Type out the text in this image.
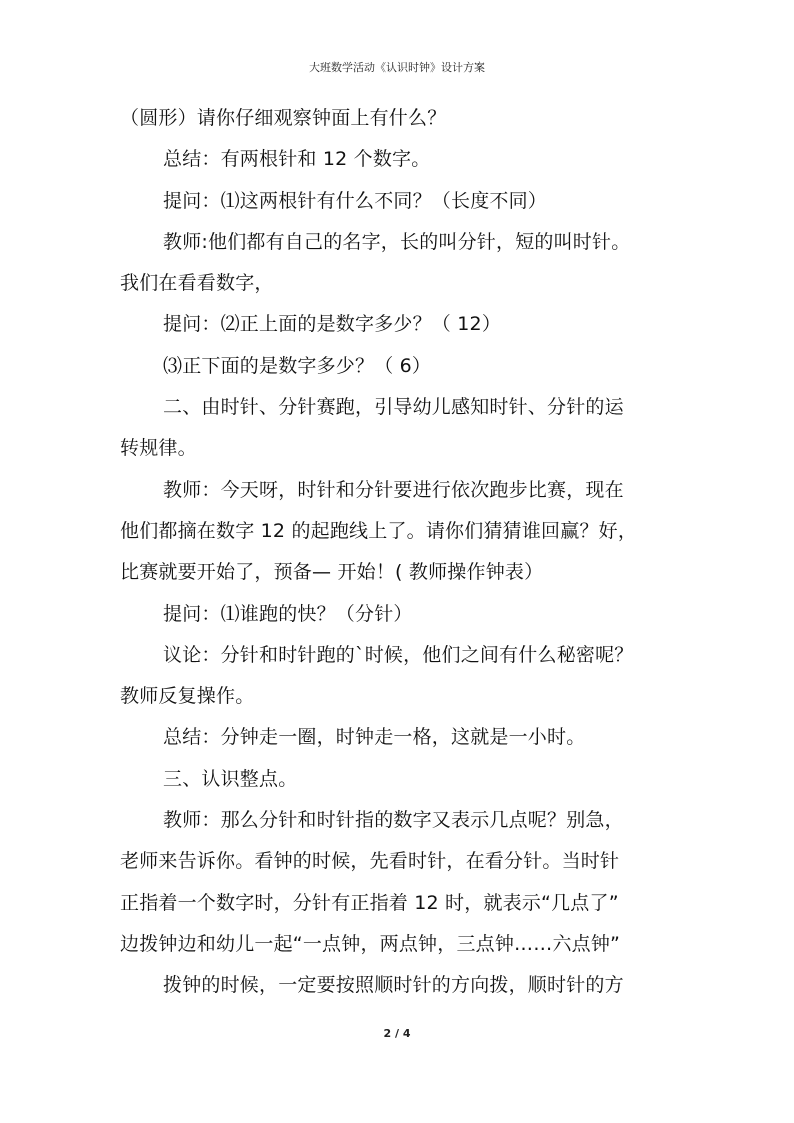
大班数学活动《认识时钟》设计方案
（圆形）请你仔细观察钟面上有什么？
总结：有两根针和 12 个数字。
提问：⑴这两根针有什么不同？（长度不同）
教师:他们都有自己的名字，长的叫分针，短的叫时针。
我们在看看数字，
提问：⑵正上面的是数字多少？（ 12）
⑶正下面的是数字多少？（ 6）
二、由时针、分针赛跑，引导幼儿感知时针、分针的运
转规律。
教师：今天呀，时针和分针要进行依次跑步比赛，现在
他们都摘在数字 12 的起跑线上了。请你们猜猜谁回赢？好，
比赛就要开始了，预备— 开始！( 教师操作钟表）
提问：⑴谁跑的快？（分针）
议论：分针和时针跑的`时候，他们之间有什么秘密呢？
教师反复操作。
总结：分钟走一圈，时钟走一格，这就是一小时。
三、认识整点。
教师：那么分针和时针指的数字又表示几点呢？别急，
老师来告诉你。看钟的时候，先看时针，在看分针。当时针
正指着一个数字时，分针有正指着 12 时，就表示“几点了”
边拨钟边和幼儿一起“一点钟，两点钟，三点钟……六点钟”
拨钟的时候，一定要按照顺时针的方向拨，顺时针的方
2 / 4
